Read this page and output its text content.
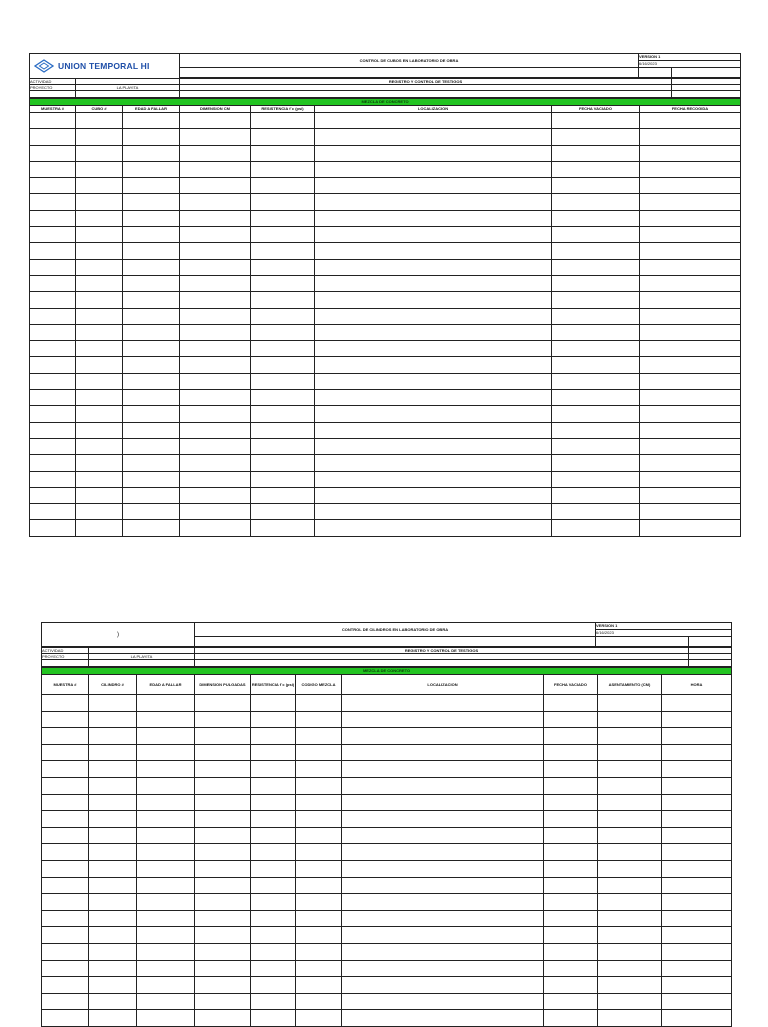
UNION TEMPORAL HI	CONTROL DE CUBOS EN LABORATORIO DE OBRA	VERSION 1	
		6/16/2023	

ACTIVIDAD		REGISTRO Y CONTROL DE TESTIGOS	
PROYECTO	LA PLAYITA		

MEZCLA DE CONCRETO							
MUESTRA #	CUBO #	EDAD A FALLAR	DIMENSION CM	RESISTENCIA f´c (psi)	LOCALIZACION	FECHA VACIADO	FECHA RECOGIDA

)	CONTROL DE CILINDROS EN LABORATORIO DE OBRA	VERSION 1	
		6/16/2023	

ACTIVIDAD		REGISTRO Y CONTROL DE TESTIGOS	
PROYECTO	LA PLAYITA		

MEZCLA DE CONCRETO									
MUESTRA #	CILINDRO #	EDAD A FALLAR	DIMENSION PULGADAS	RESISTENCIA f´c (psi)	CODIGO MEZCLA	LOCALIZACION	FECHA VACIADO	ASENTAMIENTO (CM)	HORA
